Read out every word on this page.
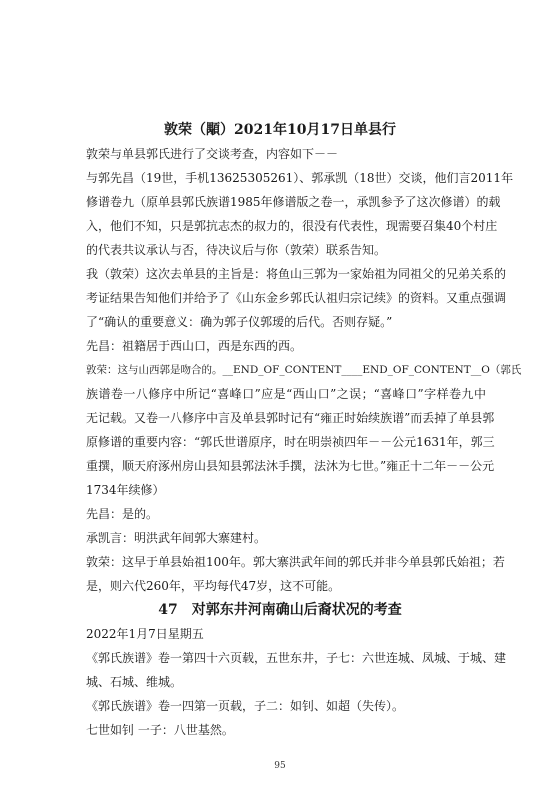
敦荣（顒）2021年10月17日单县行
敦荣与单县郭氏进行了交谈考查，内容如下－－
与郭先昌（19世，手机13625305261）、郭承凯（18世）交谈，他们言2011年
修谱卷九（原单县郭氏族谱1985年修谱版之卷一，承凯参予了这次修谱）的载
入，他们不知，只是郭抗志杰的叔力的，很没有代表性，现需要召集40个村庄
的代表共议承认与否，待决议后与你（敦荣）联系告知。
我（敦荣）这次去单县的主旨是：将鱼山三郭为一家始祖为同祖父的兄弟关系的
考证结果告知他们并给予了《山东金乡郭氏认祖归宗记续》的资料。又重点强调
了“确认的重要意义：确为郭子仪郭瑷的后代。否则存疑。”
先昌：祖籍居于西山口，西是东西的西。
敦荣：这与山西郭是吻合的。__END_OF_CONTENT____END_OF_CONTENT__O（郭氏
族谱卷一八修序中所记“喜峰口”应是“西山口”之误；“喜峰口”字样卷九中
无记载。又卷一八修序中言及单县郭时记有“雍正时始续族谱”而丢掉了单县郭
原修谱的重要内容：“郭氏世谱原序，时在明崇祯四年－－公元1631年，郭三
重撰，顺天府涿州房山县知县郭法沐手撰，法沐为七世。”雍正十二年－－公元
1734年续修）
先昌：是的。
承凯言：明洪武年间郭大寨建村。
敦荣：这早于单县始祖100年。郭大寨洪武年间的郭氏并非今单县郭氏始祖；若
是，则六代260年，平均每代47岁，这不可能。
47　对郭东井河南确山后裔状况的考查
2022年1月7日星期五
《郭氏族谱》卷一第四十六页载，五世东井，子七：六世连城、凤城、于城、建
城、石城、维城。
《郭氏族谱》卷一四第一页载，子二：如钊、如超（失传）。
七世如钊 一子：八世基然。
95
